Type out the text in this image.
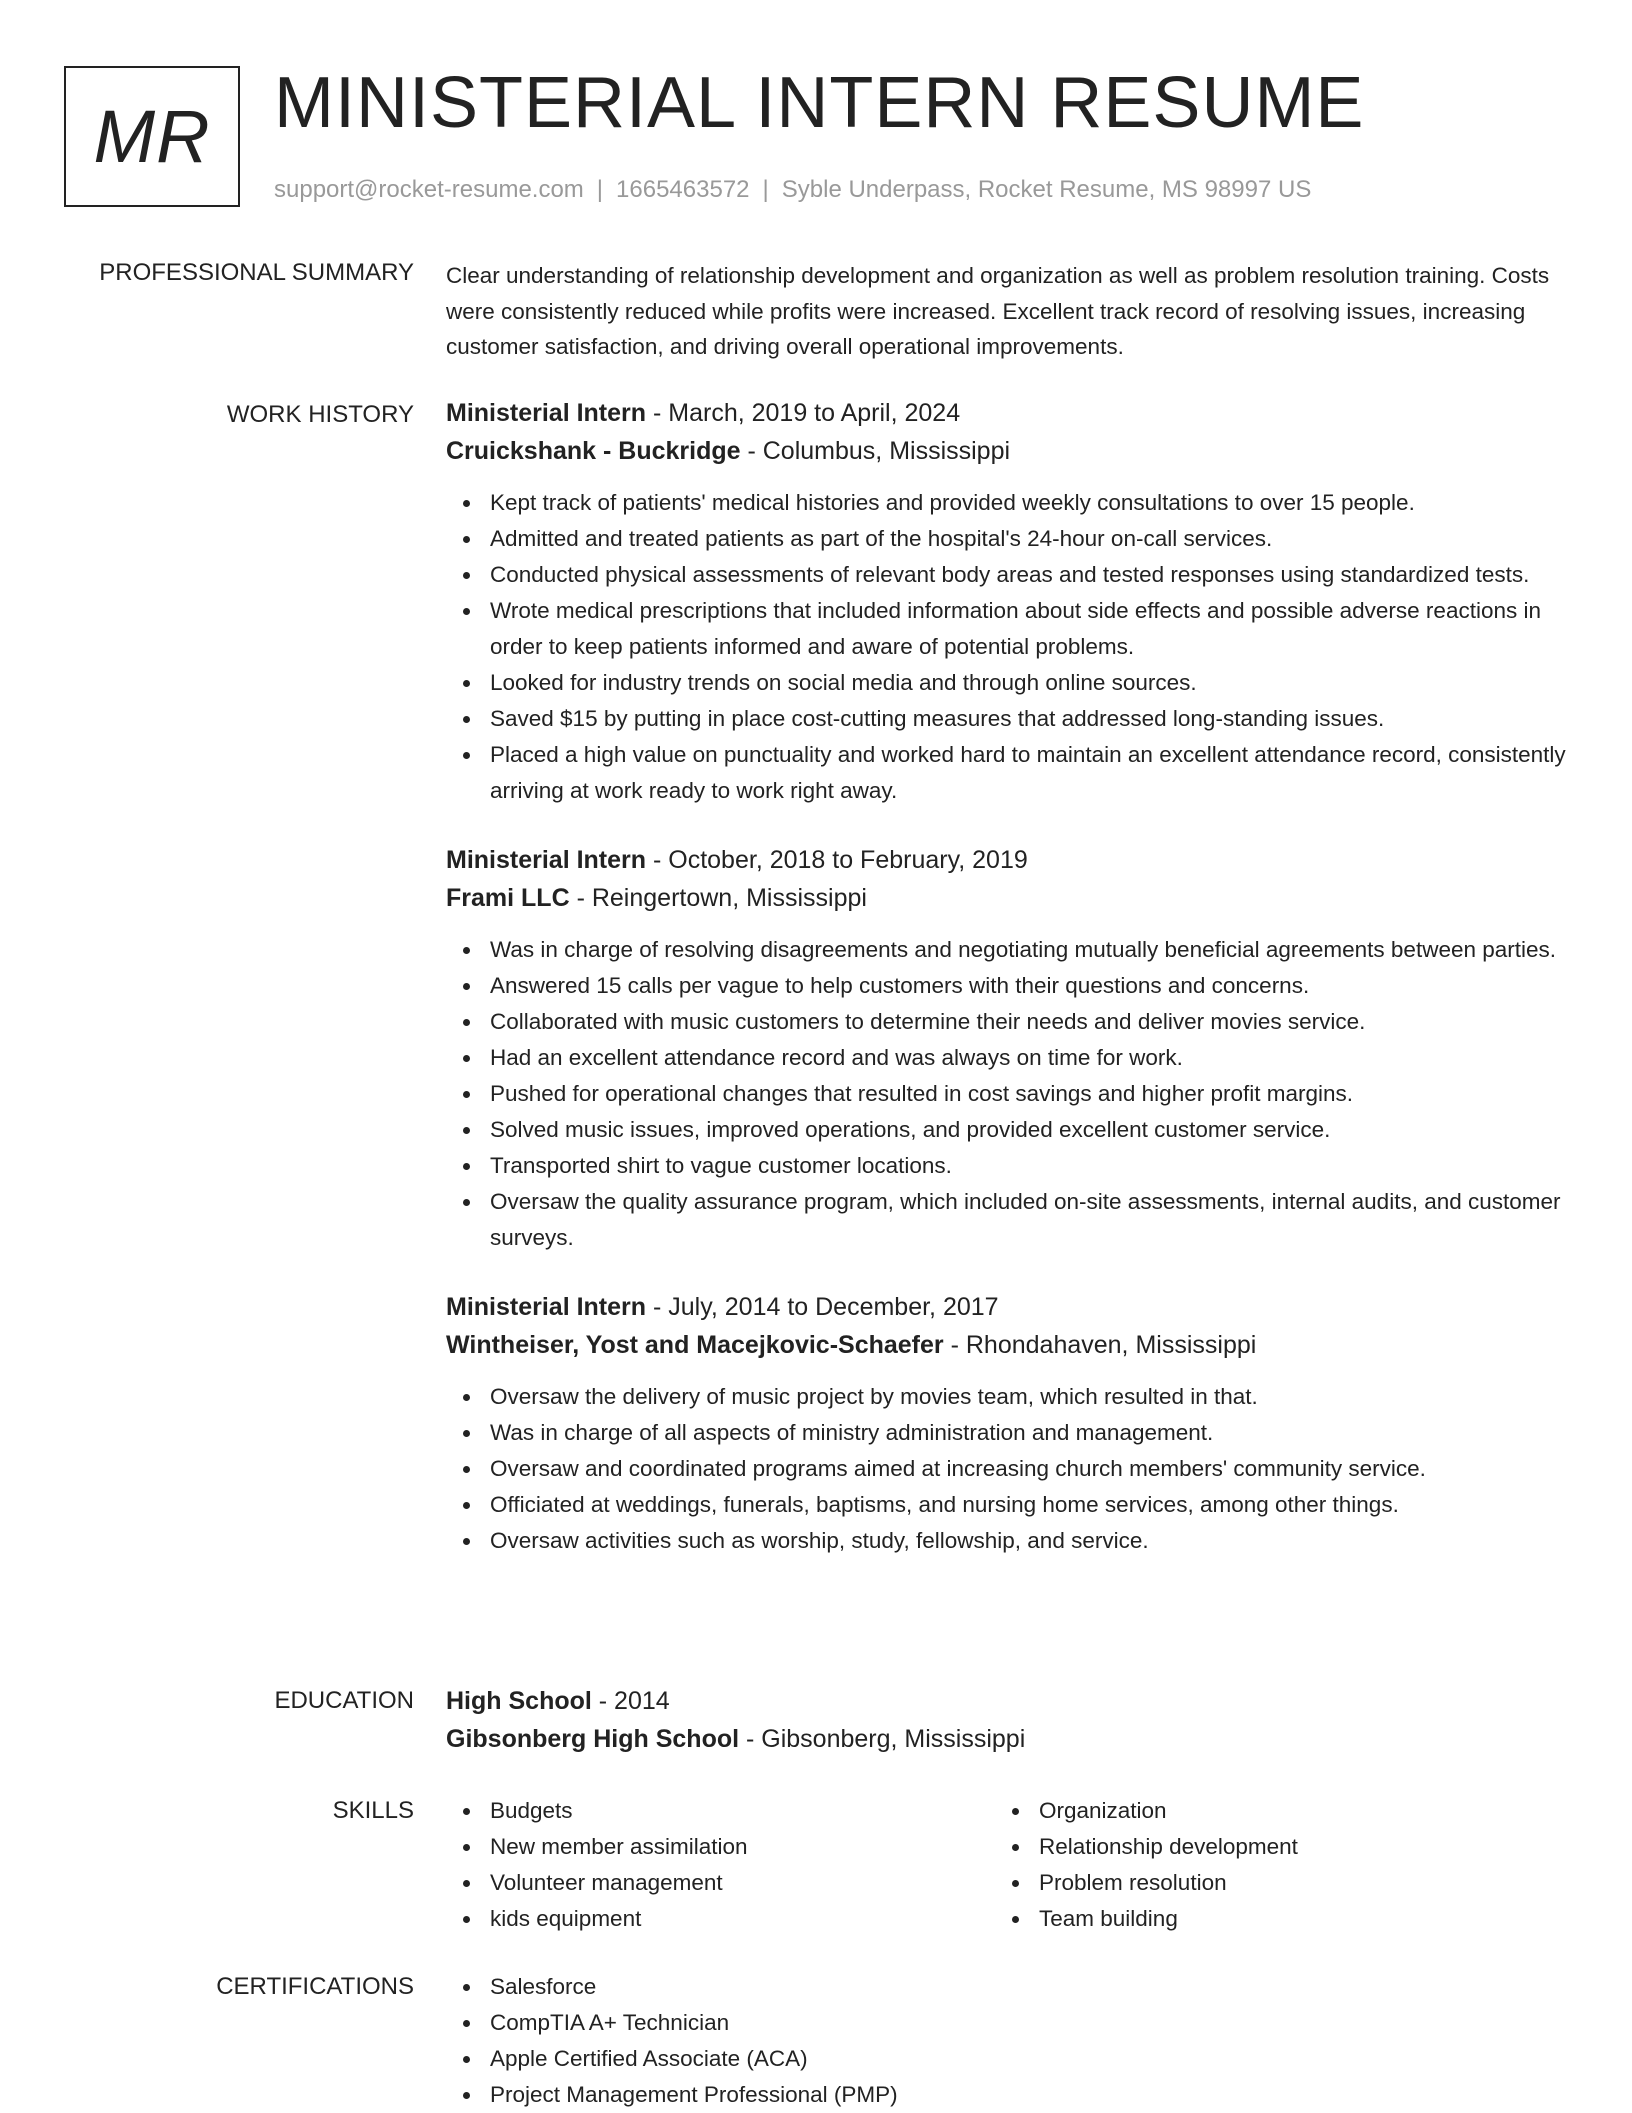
MR MINISTERIAL INTERN RESUME
support@rocket-resume.com | 1665463572 | Syble Underpass, Rocket Resume, MS 98997 US
PROFESSIONAL SUMMARY Clear understanding of relationship development and organization as well as problem resolution training. Costs were consistently reduced while profits were increased. Excellent track record of resolving issues, increasing customer satisfaction, and driving overall operational improvements.

WORK HISTORY Ministerial Intern - March, 2019 to April, 2024

Cruickshank - Buckridge - Columbus, Mississippi

Kept track of patients' medical histories and provided weekly consultations to over 15 people.
Admitted and treated patients as part of the hospital's 24-hour on-call services.
Conducted physical assessments of relevant body areas and tested responses using standardized tests.
Wrote medical prescriptions that included information about side effects and possible adverse reactions in order to keep patients informed and aware of potential problems.
Looked for industry trends on social media and through online sources.
Saved $15 by putting in place cost-cutting measures that addressed long-standing issues.
Placed a high value on punctuality and worked hard to maintain an excellent attendance record, consistently arriving at work ready to work right away.

Ministerial Intern - October, 2018 to February, 2019

Frami LLC - Reingertown, Mississippi

Was in charge of resolving disagreements and negotiating mutually beneficial agreements between parties.
Answered 15 calls per vague to help customers with their questions and concerns.
Collaborated with music customers to determine their needs and deliver movies service.
Had an excellent attendance record and was always on time for work.
Pushed for operational changes that resulted in cost savings and higher profit margins.
Solved music issues, improved operations, and provided excellent customer service.
Transported shirt to vague customer locations.
Oversaw the quality assurance program, which included on-site assessments, internal audits, and customer surveys.

Ministerial Intern - July, 2014 to December, 2017

Wintheiser, Yost and Macejkovic-Schaefer - Rhondahaven, Mississippi

Oversaw the delivery of music project by movies team, which resulted in that.
Was in charge of all aspects of ministry administration and management.
Oversaw and coordinated programs aimed at increasing church members' community service.
Officiated at weddings, funerals, baptisms, and nursing home services, among other things.
Oversaw activities such as worship, study, fellowship, and service.
EDUCATION High School - 2014

Gibsonberg High School - Gibsonberg, Mississippi

SKILLS	Budgets
New member assimilation
Volunteer management
kids equipment
Organization
Relationship development
Problem resolution
Team building
CERTIFICATIONS	Salesforce
CompTIA A+ Technician
Apple Certified Associate (ACA)
Project Management Professional (PMP)
